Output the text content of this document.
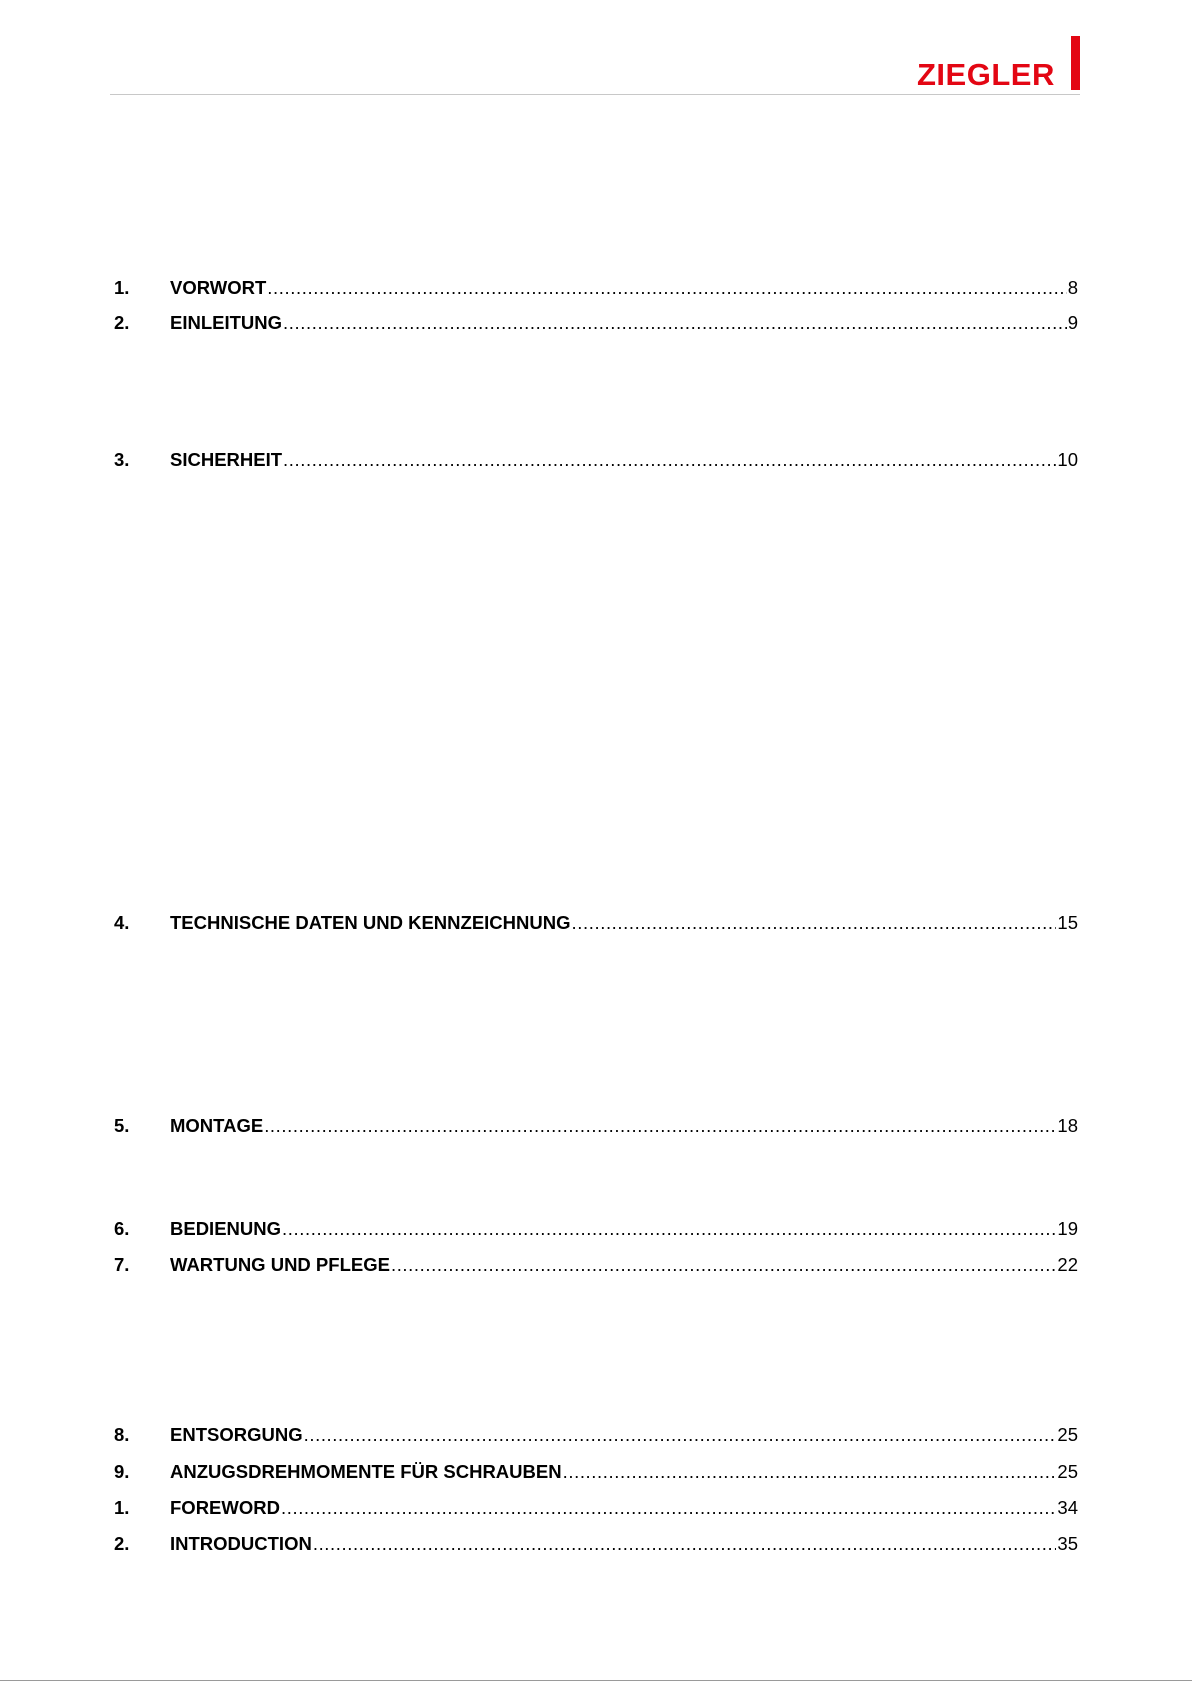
ZIEGLER
1.	VORWORT .....	8
2.	EINLEITUNG .....	9
3.	SICHERHEIT .....	10
4.	TECHNISCHE DATEN UND KENNZEICHNUNG .....	15
5.	MONTAGE .....	18
6.	BEDIENUNG .....	19
7.	WARTUNG UND PFLEGE .....	22
8.	ENTSORGUNG .....	25
9.	ANZUGSDREHMOMENTE FÜR SCHRAUBEN .....	25
1.	FOREWORD .....	34
2.	INTRODUCTION .....	35
